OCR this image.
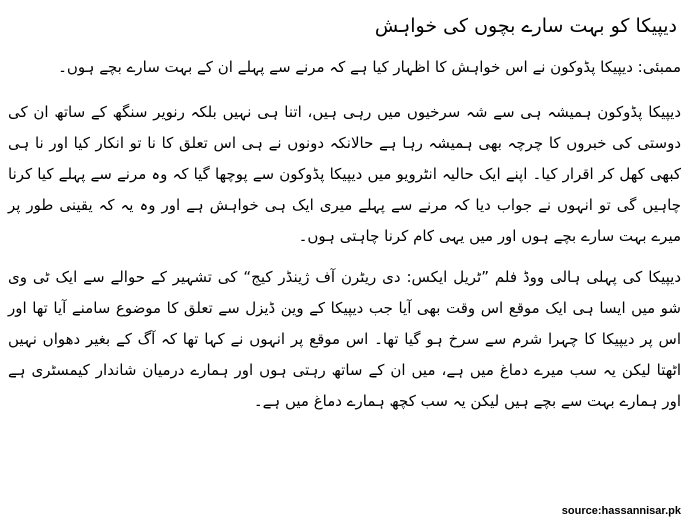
دیپیکا کو بہت سارے بچوں کی خواہش

ممبئی: دیپیکا پڈوکون نے اس خواہش کا اظہار کیا ہے کہ مرنے سے پہلے ان کے بہت سارے بچے ہوں۔

دیپیکا پڈوکون ہمیشہ ہی سے شہ سرخیوں میں رہی ہیں، اتنا ہی نہیں بلکہ رنویر سنگھ کے ساتھ ان کی دوستی کی خبروں کا چرچہ بھی ہمیشہ رہا ہے حالانکہ دونوں نے ہی اس تعلق کا نا تو انکار کیا اور نا ہی کبھی کھل کر اقرار کیا۔ اپنے ایک حالیہ انٹرویو میں دیپیکا پڈوکون سے پوچھا گیا کہ وہ مرنے سے پہلے کیا کرنا چاہیں گی تو انہوں نے جواب دیا کہ مرنے سے پہلے میری ایک ہی خواہش ہے اور وہ یہ کہ یقینی طور پر میرے بہت سارے بچے ہوں اور میں یہی کام کرنا چاہتی ہوں۔

دیپیکا کی پہلی ہالی ووڈ فلم ”ٹریل ایکس: دی ریٹرن آف ژینڈر کیج“ کی تشہیر کے حوالے سے ایک ٹی وی شو میں ایسا ہی ایک موقع اس وقت بھی آیا جب دیپیکا کے وین ڈیزل سے تعلق کا موضوع سامنے آیا تھا اور اس پر دیپیکا کا چہرا شرم سے سرخ ہو گیا تھا۔ اس موقع پر انہوں نے کہا تھا کہ آگ کے بغیر دھواں نہیں اٹھتا لیکن یہ سب میرے دماغ میں ہے، میں ان کے ساتھ رہتی ہوں اور ہمارے درمیان شاندار کیمسٹری ہے اور ہمارے بہت سے بچے ہیں لیکن یہ سب کچھ ہمارے دماغ میں ہے۔

source:hassannisar.pk
